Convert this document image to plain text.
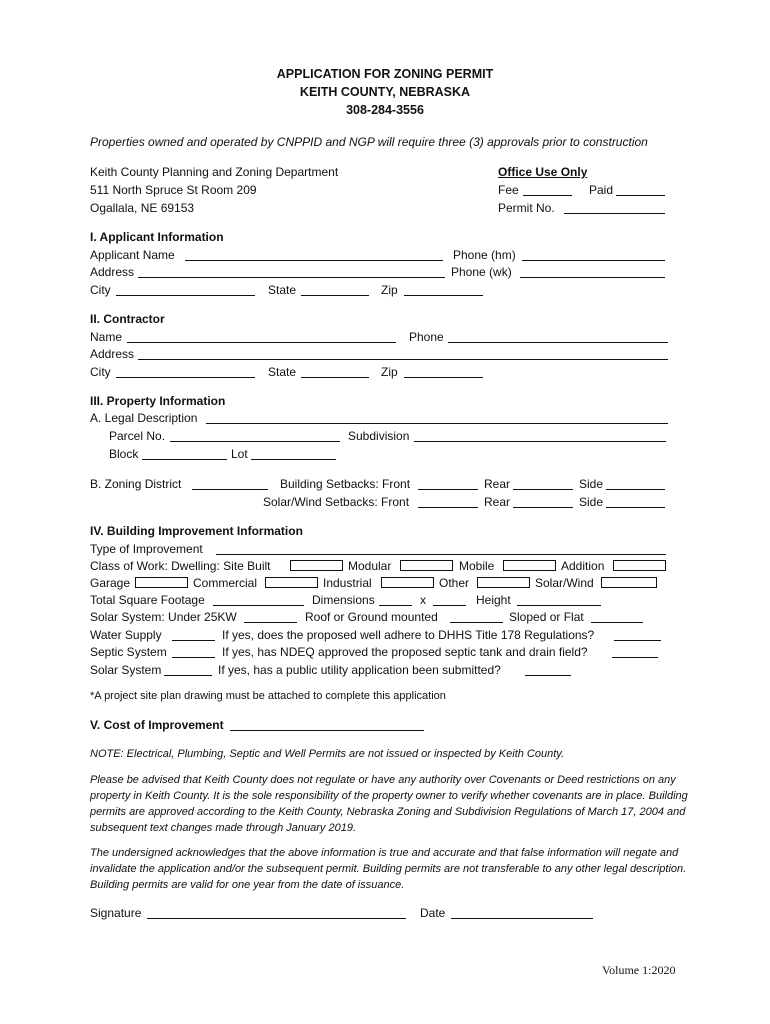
APPLICATION FOR ZONING PERMIT
KEITH COUNTY, NEBRASKA
308-284-3556
Properties owned and operated by CNPPID and NGP will require three (3) approvals prior to construction
Keith County Planning and Zoning Department
511 North Spruce St Room 209
Ogallala, NE 69153
Office Use Only
Fee	Paid
Permit No.
I. Applicant Information
Applicant Name	Phone (hm)
Address	Phone (wk)
City	State	Zip
II. Contractor
Name	Phone
Address
City	State	Zip
III. Property Information
A. Legal Description
Parcel No.	Subdivision
Block	Lot
B. Zoning District	Building Setbacks: Front	Rear	Side
Solar/Wind Setbacks: Front	Rear	Side
IV. Building Improvement Information
Type of Improvement
Class of Work: Dwelling: Site Built	Modular	Mobile	Addition
Garage	Commercial	Industrial	Other	Solar/Wind
Total Square Footage	Dimensions	x	Height
Solar System: Under 25KW	Roof or Ground mounted	Sloped or Flat
Water Supply	If yes, does the proposed well adhere to DHHS Title 178 Regulations?
Septic System	If yes, has NDEQ approved the proposed septic tank and drain field?
Solar System	If yes, has a public utility application been submitted?
*A project site plan drawing must be attached to complete this application
V. Cost of Improvement
NOTE: Electrical, Plumbing, Septic and Well Permits are not issued or inspected by Keith County.
Please be advised that Keith County does not regulate or have any authority over Covenants or Deed restrictions on any property in Keith County. It is the sole responsibility of the property owner to verify whether covenants are in place. Building permits are approved according to the Keith County, Nebraska Zoning and Subdivision Regulations of March 17, 2004 and subsequent text changes made through January 2019.
The undersigned acknowledges that the above information is true and accurate and that false information will negate and invalidate the application and/or the subsequent permit. Building permits are not transferable to any other legal description. Building permits are valid for one year from the date of issuance.
Signature	Date
Volume 1:2020
